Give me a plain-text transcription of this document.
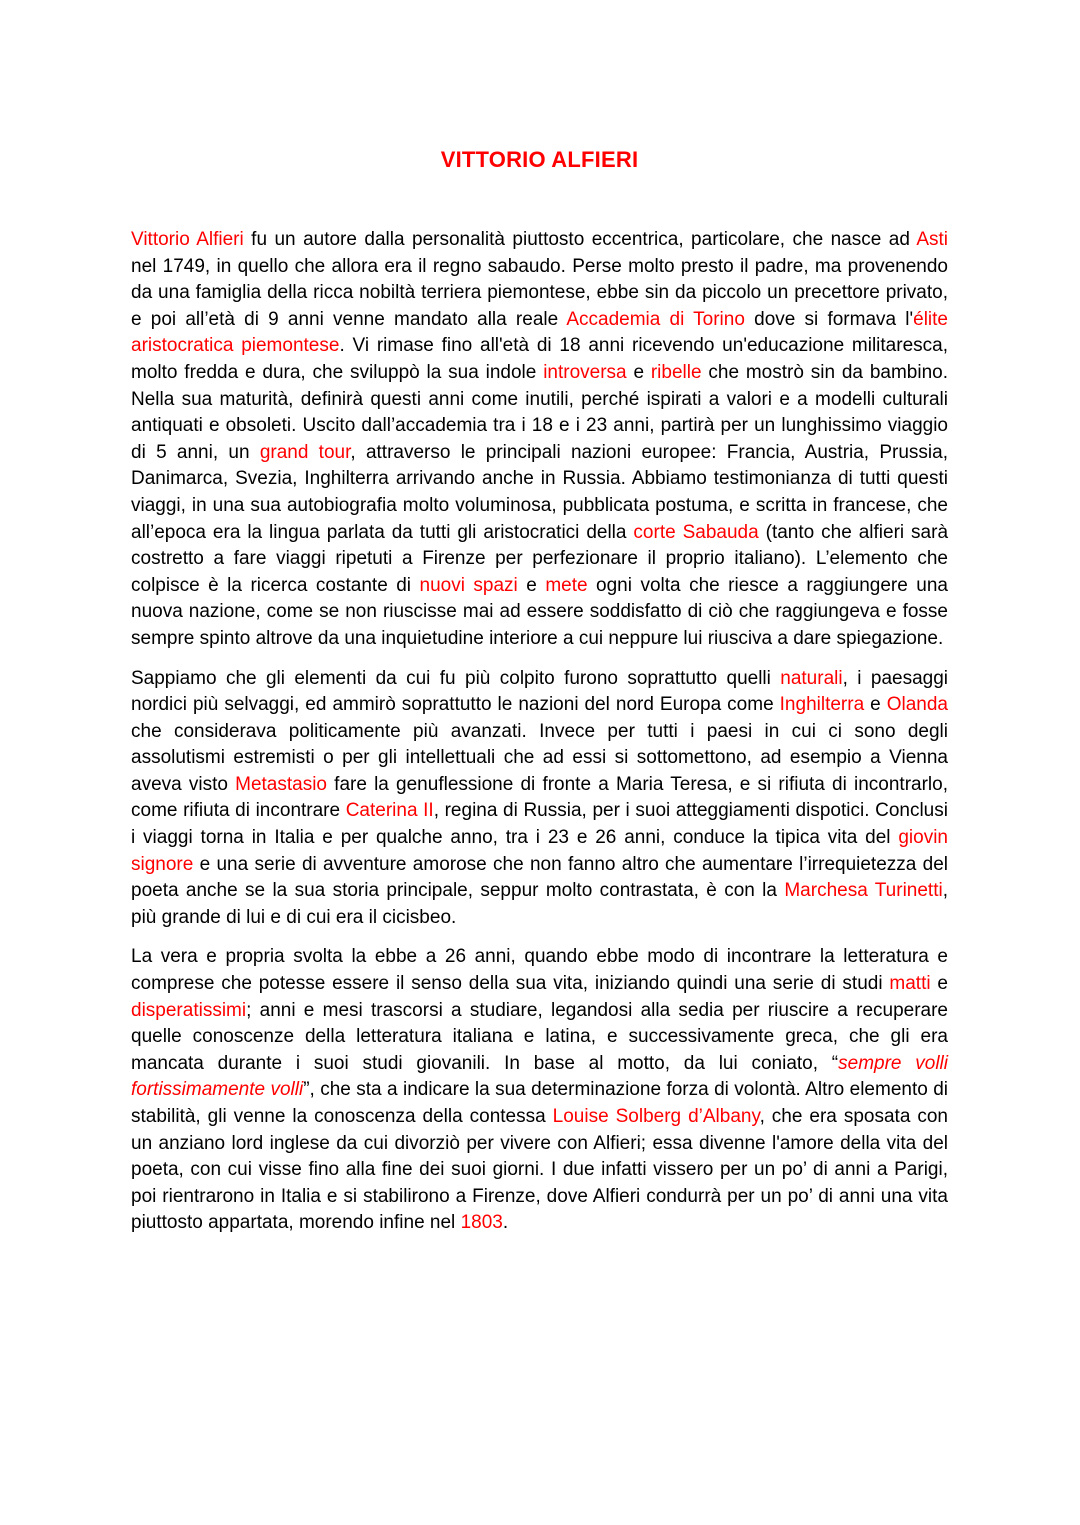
VITTORIO ALFIERI

Vittorio Alfieri fu un autore dalla personalità piuttosto eccentrica, particolare, che nasce ad Asti nel 1749, in quello che allora era il regno sabaudo. Perse molto presto il padre, ma provenendo da una famiglia della ricca nobiltà terriera piemontese, ebbe sin da piccolo un precettore privato, e poi all’età di 9 anni venne mandato alla reale Accademia di Torino dove si formava l'élite aristocratica piemontese. Vi rimase fino all'età di 18 anni ricevendo un'educazione militaresca, molto fredda e dura, che sviluppò la sua indole introversa e ribelle che mostrò sin da bambino. Nella sua maturità, definirà questi anni come inutili, perché ispirati a valori e a modelli culturali antiquati e obsoleti. Uscito dall’accademia tra i 18 e i 23 anni, partirà per un lunghissimo viaggio di 5 anni, un grand tour, attraverso le principali nazioni europee: Francia, Austria, Prussia, Danimarca, Svezia, Inghilterra arrivando anche in Russia. Abbiamo testimonianza di tutti questi viaggi, in una sua autobiografia molto voluminosa, pubblicata postuma, e scritta in francese, che all’epoca era la lingua parlata da tutti gli aristocratici della corte Sabauda (tanto che alfieri sarà costretto a fare viaggi ripetuti a Firenze per perfezionare il proprio italiano). L’elemento che colpisce è la ricerca costante di nuovi spazi e mete ogni volta che riesce a raggiungere una nuova nazione, come se non riuscisse mai ad essere soddisfatto di ciò che raggiungeva e fosse sempre spinto altrove da una inquietudine interiore a cui neppure lui riusciva a dare spiegazione.

Sappiamo che gli elementi da cui fu più colpito furono soprattutto quelli naturali, i paesaggi nordici più selvaggi, ed ammirò soprattutto le nazioni del nord Europa come Inghilterra e Olanda che considerava politicamente più avanzati. Invece per tutti i paesi in cui ci sono degli assolutismi estremisti o per gli intellettuali che ad essi si sottomettono, ad esempio a Vienna aveva visto Metastasio fare la genuflessione di fronte a Maria Teresa, e si rifiuta di incontrarlo, come rifiuta di incontrare Caterina II, regina di Russia, per i suoi atteggiamenti dispotici. Conclusi i viaggi torna in Italia e per qualche anno, tra i 23 e 26 anni, conduce la tipica vita del giovin signore e una serie di avventure amorose che non fanno altro che aumentare l’irrequietezza del poeta anche se la sua storia principale, seppur molto contrastata, è con la Marchesa Turinetti, più grande di lui e di cui era il cicisbeo.

La vera e propria svolta la ebbe a 26 anni, quando ebbe modo di incontrare la letteratura e comprese che potesse essere il senso della sua vita, iniziando quindi una serie di studi matti e disperatissimi; anni e mesi trascorsi a studiare, legandosi alla sedia per riuscire a recuperare quelle conoscenze della letteratura italiana e latina, e successivamente greca, che gli era mancata durante i suoi studi giovanili. In base al motto, da lui coniato, “sempre volli fortissimamente volli”, che sta a indicare la sua determinazione forza di volontà. Altro elemento di stabilità, gli venne la conoscenza della contessa Louise Solberg d’Albany, che era sposata con un anziano lord inglese da cui divorziò per vivere con Alfieri; essa divenne l'amore della vita del poeta, con cui visse fino alla fine dei suoi giorni. I due infatti vissero per un po’ di anni a Parigi, poi rientrarono in Italia e si stabilirono a Firenze, dove Alfieri condurrà per un po’ di anni una vita piuttosto appartata, morendo infine nel 1803.
